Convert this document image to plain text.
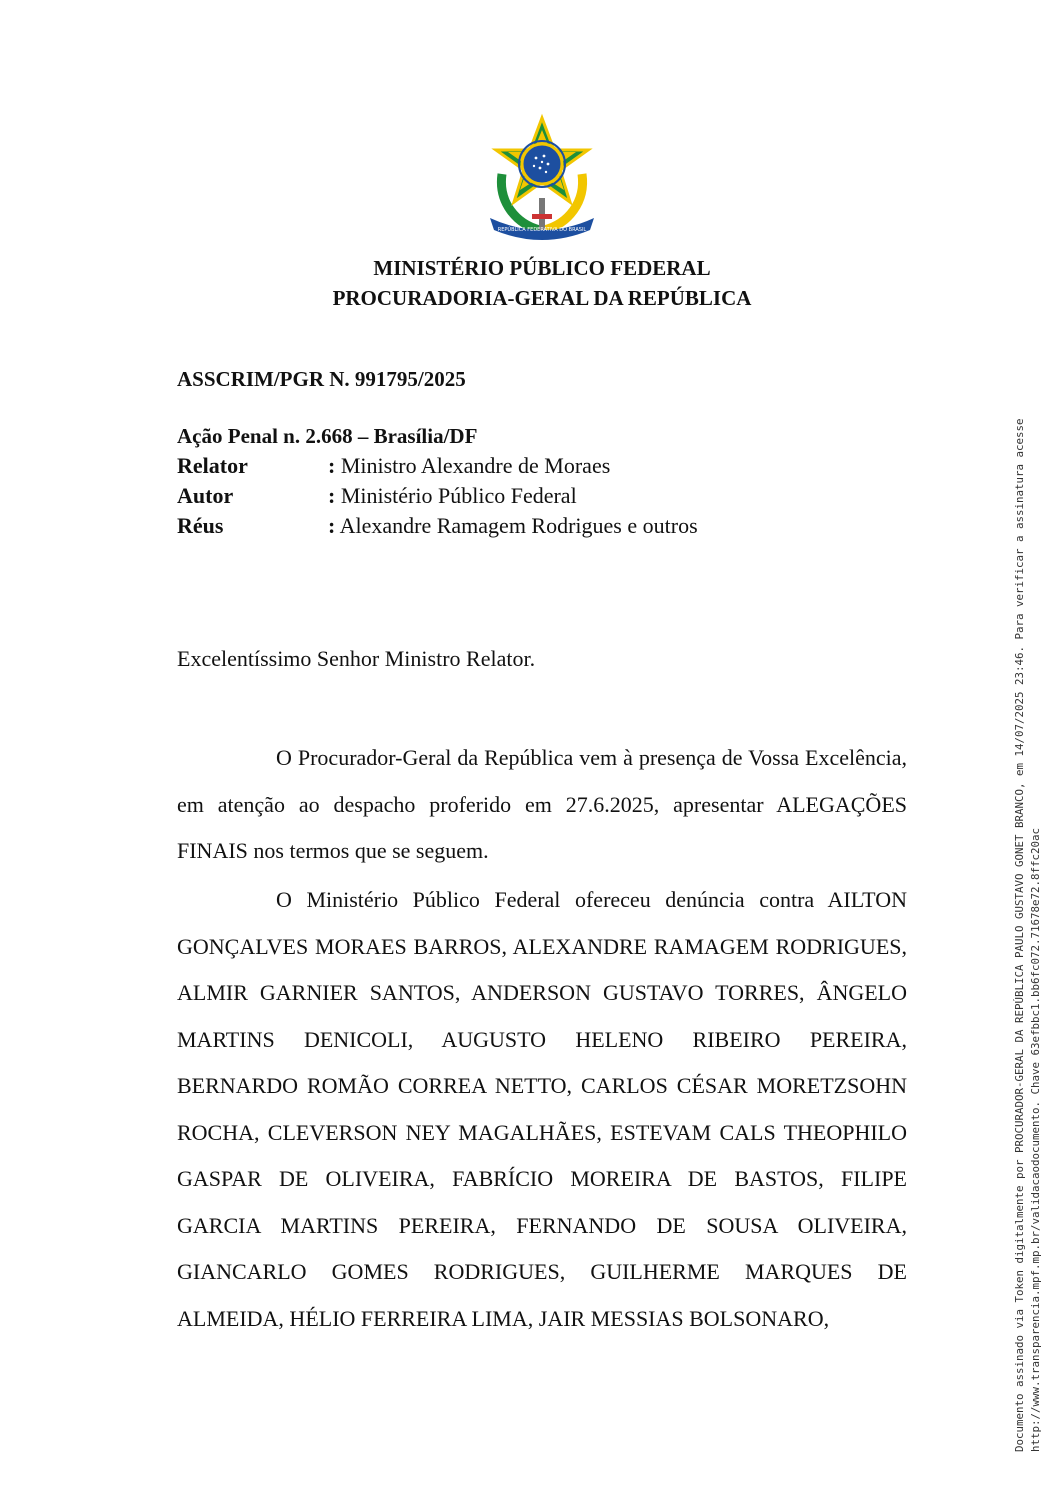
REPÚBLICA FEDERATIVA DO BRASIL
MINISTÉRIO PÚBLICO FEDERAL
PROCURADORIA-GERAL DA REPÚBLICA
ASSCRIM/PGR N. 991795/2025
Ação Penal n. 2.668 – Brasília/DF
Relator	: Ministro Alexandre de Moraes
Autor	: Ministério Público Federal
Réus	: Alexandre Ramagem Rodrigues e outros
Excelentíssimo Senhor Ministro Relator.
O Procurador-Geral da República vem à presença de Vossa Excelência, em atenção ao despacho proferido em 27.6.2025, apresentar ALEGAÇÕES FINAIS nos termos que se seguem.
O Ministério Público Federal ofereceu denúncia contra AILTON GONÇALVES MORAES BARROS, ALEXANDRE RAMAGEM RODRIGUES, ALMIR GARNIER SANTOS, ANDERSON GUSTAVO TORRES, ÂNGELO MARTINS DENICOLI, AUGUSTO HELENO RIBEIRO PEREIRA, BERNARDO ROMÃO CORREA NETTO, CARLOS CÉSAR MORETZSOHN ROCHA, CLEVERSON NEY MAGALHÃES, ESTEVAM CALS THEOPHILO GASPAR DE OLIVEIRA, FABRÍCIO MOREIRA DE BASTOS, FILIPE GARCIA MARTINS PEREIRA, FERNANDO DE SOUSA OLIVEIRA, GIANCARLO GOMES RODRIGUES, GUILHERME MARQUES DE ALMEIDA, HÉLIO FERREIRA LIMA, JAIR MESSIAS BOLSONARO,	Documento assinado via Token digitalmente por PROCURADOR-GERAL DA REPÚBLICA PAULO GUSTAVO GONET BRANCO, em 14/07/2025 23:46. Para verificar a assinatura acesse http://www.transparencia.mpf.mp.br/validacaodocumento. Chave 63efbbc1.bb6fc072.71678e72.8ffc20ac
